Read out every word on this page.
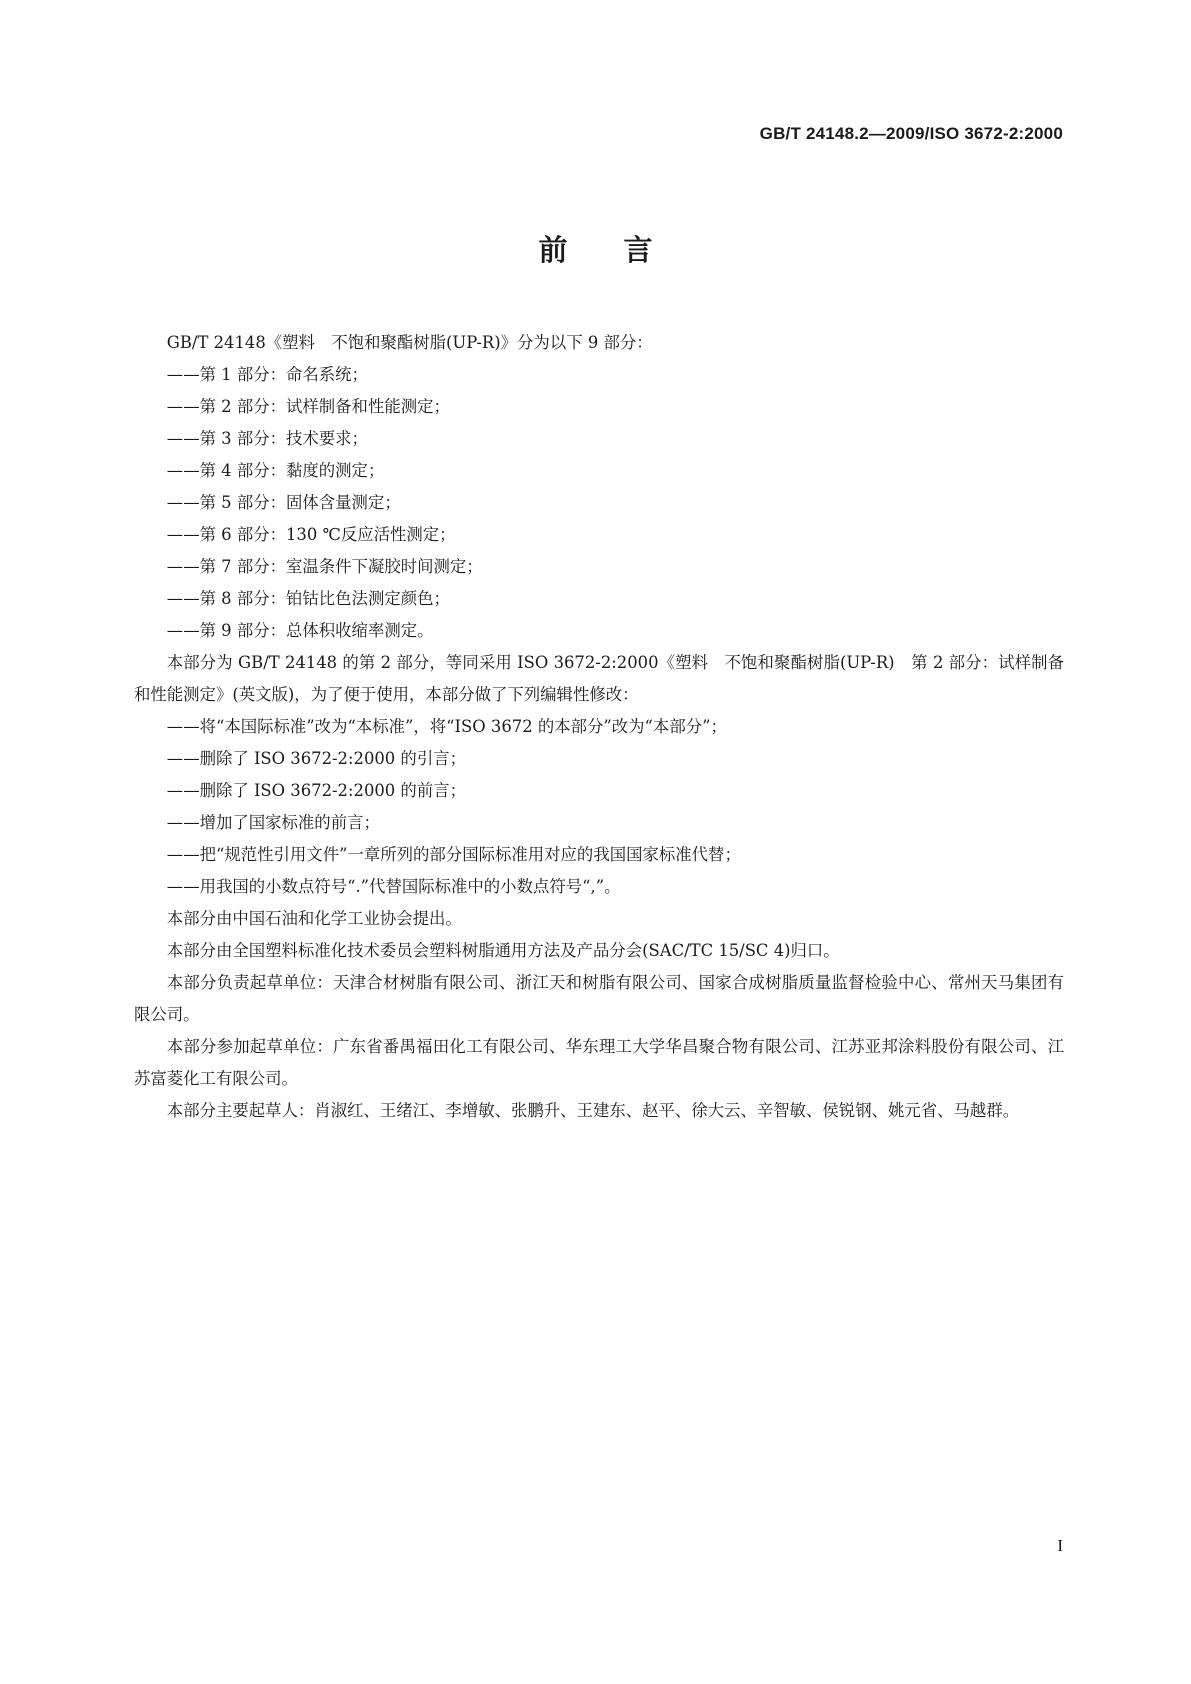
GB/T 24148.2—2009/ISO 3672-2:2000
前言

GB/T 24148《塑料　不饱和聚酯树脂(UP-R)》分为以下 9 部分：

——第 1 部分：命名系统；

——第 2 部分：试样制备和性能测定；

——第 3 部分：技术要求；

——第 4 部分：黏度的测定；

——第 5 部分：固体含量测定；

——第 6 部分：130 ℃反应活性测定；

——第 7 部分：室温条件下凝胶时间测定；

——第 8 部分：铂钴比色法测定颜色；

——第 9 部分：总体积收缩率测定。

本部分为 GB/T 24148 的第 2 部分，等同采用 ISO 3672-2:2000《塑料　不饱和聚酯树脂(UP-R)　第 2 部分：试样制备和性能测定》(英文版)，为了便于使用，本部分做了下列编辑性修改：

——将“本国际标准”改为“本标准”，将“ISO 3672 的本部分”改为“本部分”；

——删除了 ISO 3672-2:2000 的引言；

——删除了 ISO 3672-2:2000 的前言；

——增加了国家标准的前言；

——把“规范性引用文件”一章所列的部分国际标准用对应的我国国家标准代替；

——用我国的小数点符号“.”代替国际标准中的小数点符号“,”。

本部分由中国石油和化学工业协会提出。

本部分由全国塑料标准化技术委员会塑料树脂通用方法及产品分会(SAC/TC 15/SC 4)归口。

本部分负责起草单位：天津合材树脂有限公司、浙江天和树脂有限公司、国家合成树脂质量监督检验中心、常州天马集团有限公司。

本部分参加起草单位：广东省番禺福田化工有限公司、华东理工大学华昌聚合物有限公司、江苏亚邦涂料股份有限公司、江苏富菱化工有限公司。

本部分主要起草人：肖淑红、王绪江、李增敏、张鹏升、王建东、赵平、徐大云、辛智敏、侯锐钢、姚元省、马越群。

I
